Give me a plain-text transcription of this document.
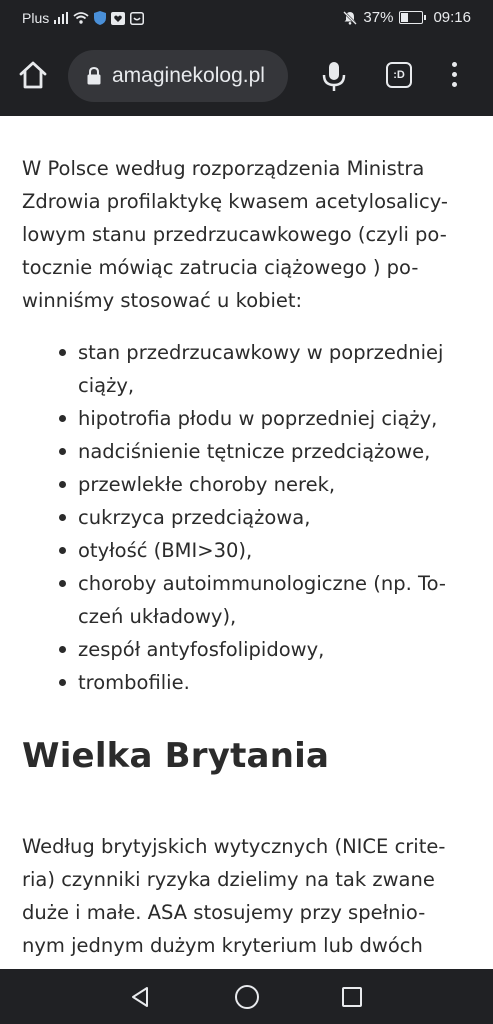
Plus	37%	09:16
amaginekolog.pl	:D

W Polsce według rozporządzenia Ministra
Zdrowia profilaktykę kwasem acetylosalicy-
lowym stanu przedrzucawkowego (czyli po-
tocznie mówiąc zatrucia ciążowego ) po-
winniśmy stosować u kobiet:

stan przedrzucawkowy w poprzedniej
ciąży,
hipotrofia płodu w poprzedniej ciąży,
nadciśnienie tętnicze przedciążowe,
przewlekłe choroby nerek,
cukrzyca przedciążowa,
otyłość (BMI>30),
choroby autoimmunologiczne (np. To-
czeń układowy),
zespół antyfosfolipidowy,
trombofilie.
Wielka Brytania

Według brytyjskich wytycznych (NICE crite-
ria) czynniki ryzyka dzielimy na tak zwane
duże i małe. ASA stosujemy przy spełnio-
nym jednym dużym kryterium lub dwóch
